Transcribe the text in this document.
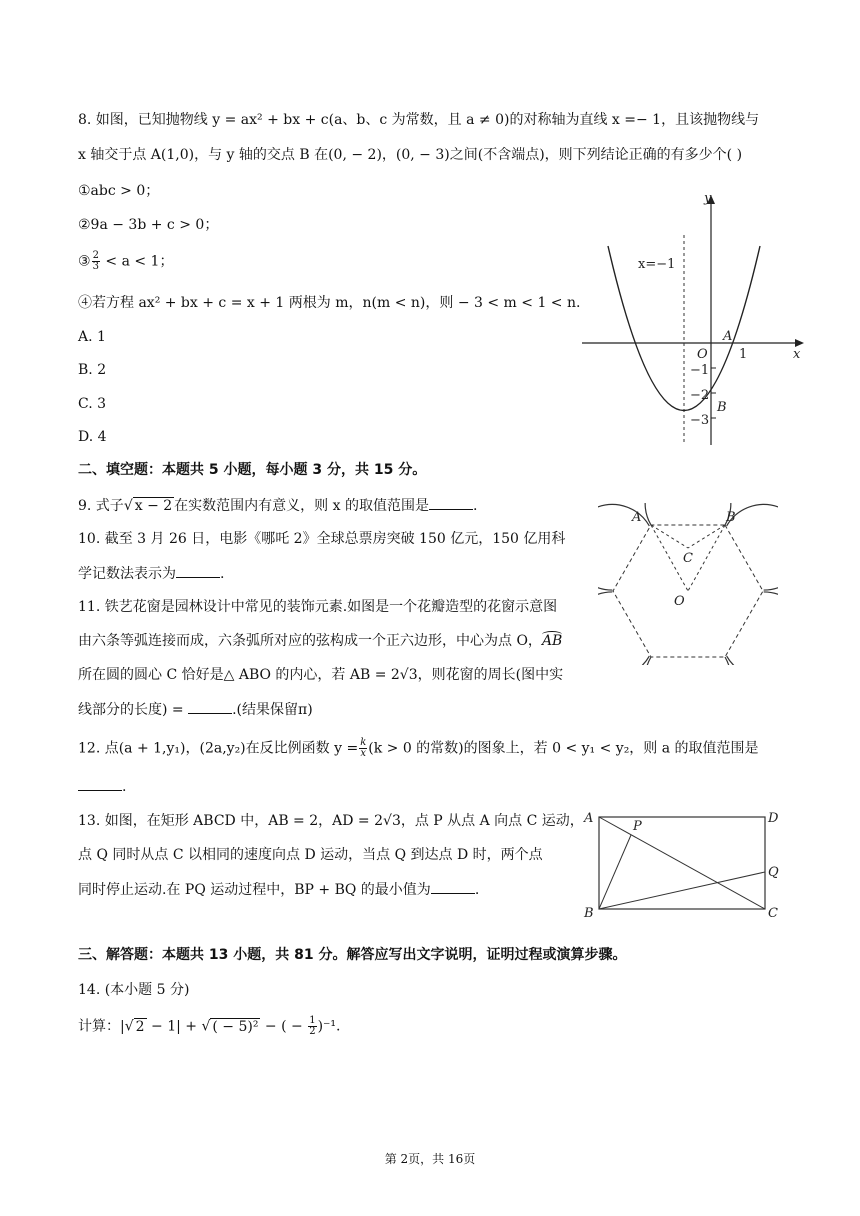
8. 如图，已知抛物线 y = ax² + bx + c(a、b、c 为常数，且 a ≠ 0)的对称轴为直线 x =− 1，且该抛物线与
x 轴交于点 A(1,0)，与 y 轴的交点 B 在(0, − 2)，(0, − 3)之间(不含端点)，则下列结论正确的有多少个( )
①abc > 0；
②9a − 3b + c > 0；
③ $\frac{2}{3} < a < 1$；
④若方程 ax² + bx + c = x + 1 两根为 m，n(m < n)，则 − 3 < m < 1 < n.
A. 1
B. 2
C. 3
D. 4
y
x
O
A
1
−1
−2
−3
B
x=−1
二、填空题：本题共 5 小题，每小题 3 分，共 15 分。
9. 式子√ x − 2 在实数范围内有意义，则 x 的取值范围是	.
10. 截至 3 月 26 日，电影《哪吒 2》全球总票房突破 150 亿元，150 亿用科
学记数法表示为	.
11. 铁艺花窗是园林设计中常见的装饰元素.如图是一个花瓣造型的花窗示意图
由六条等弧连接而成，六条弧所对应的弦构成一个正六边形，中心为点 O，
AB
所在圆的圆心 C 恰好是△ ABO 的内心，若 AB = 2√3，则花窗的周长(图中实
线部分的长度) =	.(结果保留π)
A	B
C
O
12. 点(a + 1,y₁)，(2a,y₂)在反比例函数 $y = \frac{k}{x} (k > 0$ 的常数)的图象上，若 0 < y₁ < y₂，则 a 的取值范围是
.
13. 如图，在矩形 ABCD 中，AB = 2，AD = 2√3，点 P 从点 A 向点 C 运动，
点 Q 同时从点 C 以相同的速度向点 D 运动，当点 Q 到达点 D 时，两个点
同时停止运动.在 PQ 运动过程中，BP + BQ 的最小值为	.
A	D
B	C
P
Q
三、解答题：本题共 13 小题，共 81 分。解答应写出文字说明，证明过程或演算步骤。
14. (本小题 5 分)
计算：|√ 2 − 1| + √ ( − 5)² − ( − $\frac{1}{2} )^{-1}$.
第 2页，共 16页
